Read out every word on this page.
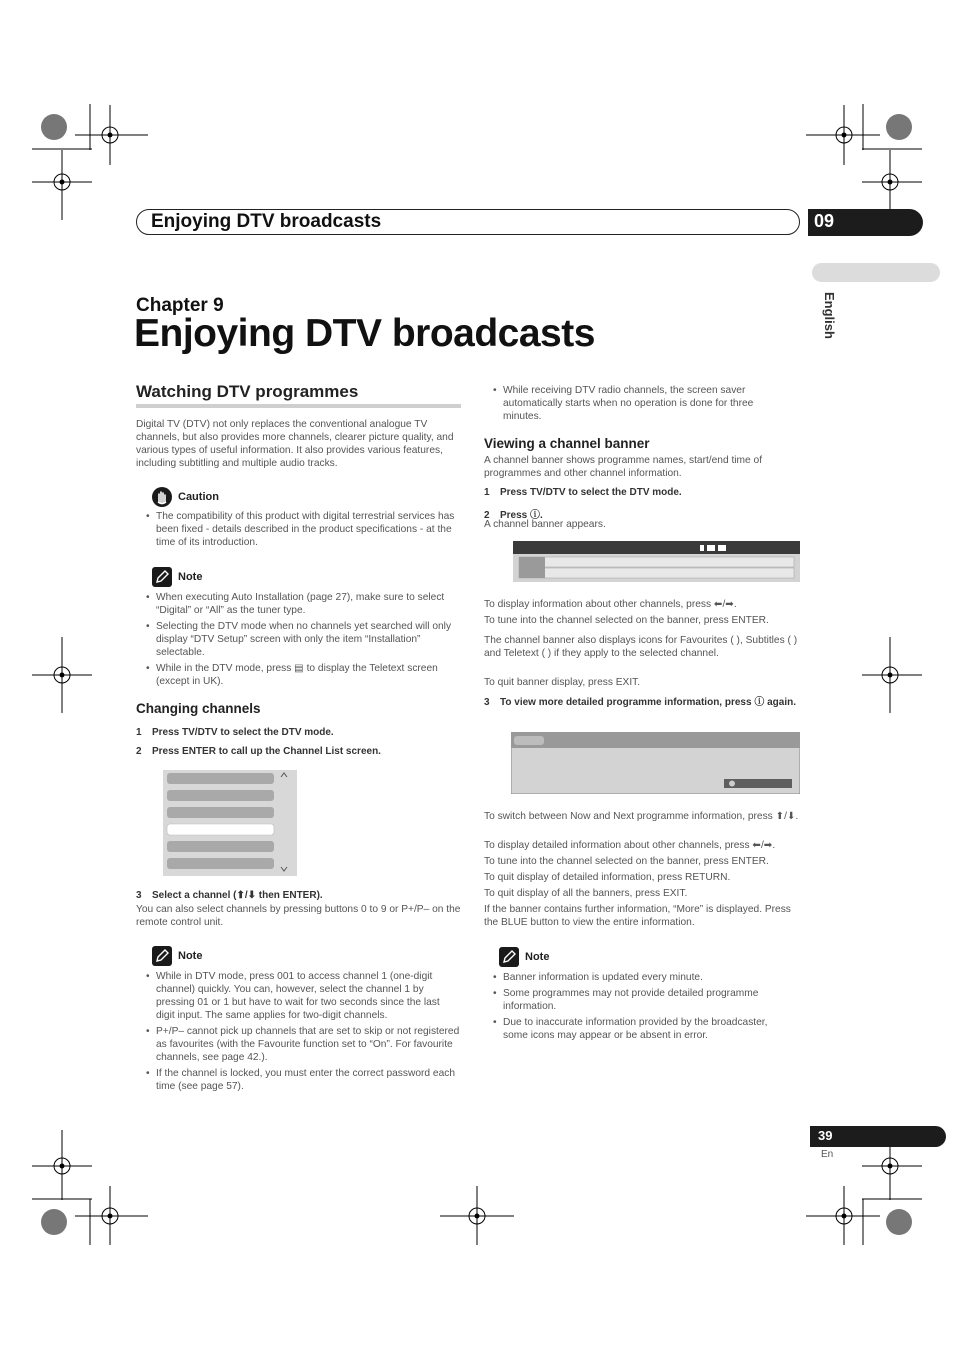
Enjoying DTV broadcasts	09
English
Chapter 9
Enjoying DTV broadcasts
Watching DTV programmes
Digital TV (DTV) not only replaces the conventional analogue TV channels, but also provides more channels, clearer picture quality, and various types of useful information. It also provides various features, including subtitling and multiple audio tracks.
Caution
• The compatibility of this product with digital terrestrial services has been fixed - details described in the product specifications - at the time of its introduction.
Note
• When executing Auto Installation (page 27), make sure to select “Digital” or “All” as the tuner type.
• Selecting the DTV mode when no channels yet searched will only display “DTV Setup” screen with only the item “Installation” selectable.
• While in the DTV mode, press ▤ to display the Teletext screen (except in UK).
Changing channels
1 Press TV/DTV to select the DTV mode.
2 Press ENTER to call up the Channel List screen.
3 Select a channel (⬆/⬇ then ENTER).
You can also select channels by pressing buttons 0 to 9 or P+/P– on the remote control unit.
Note
• While in DTV mode, press 001 to access channel 1 (one-digit channel) quickly. You can, however, select the channel 1 by pressing 01 or 1 but have to wait for two seconds since the last digit input. The same applies for two-digit channels.
• P+/P– cannot pick up channels that are set to skip or not registered as favourites (with the Favourite function set to “On”. For favourite channels, see page 42.).
• If the channel is locked, you must enter the correct password each time (see page 57).
• While receiving DTV radio channels, the screen saver automatically starts when no operation is done for three minutes.
Viewing a channel banner
A channel banner shows programme names, start/end time of programmes and other channel information.
1 Press TV/DTV to select the DTV mode.
2 Press ⓘ.
A channel banner appears.
To display information about other channels, press ⬅/➡.
To tune into the channel selected on the banner, press ENTER.
The channel banner also displays icons for Favourites ( ), Subtitles ( ) and Teletext ( ) if they apply to the selected channel.
To quit banner display, press EXIT.
3 To view more detailed programme information, press ⓘ again.
To switch between Now and Next programme information, press ⬆/⬇.
To display detailed information about other channels, press ⬅/➡.
To tune into the channel selected on the banner, press ENTER.
To quit display of detailed information, press RETURN.
To quit display of all the banners, press EXIT.
If the banner contains further information, “More” is displayed. Press the BLUE button to view the entire information.
Note
• Banner information is updated every minute.
• Some programmes may not provide detailed programme information.
• Due to inaccurate information provided by the broadcaster, some icons may appear or be absent in error.
39
En
